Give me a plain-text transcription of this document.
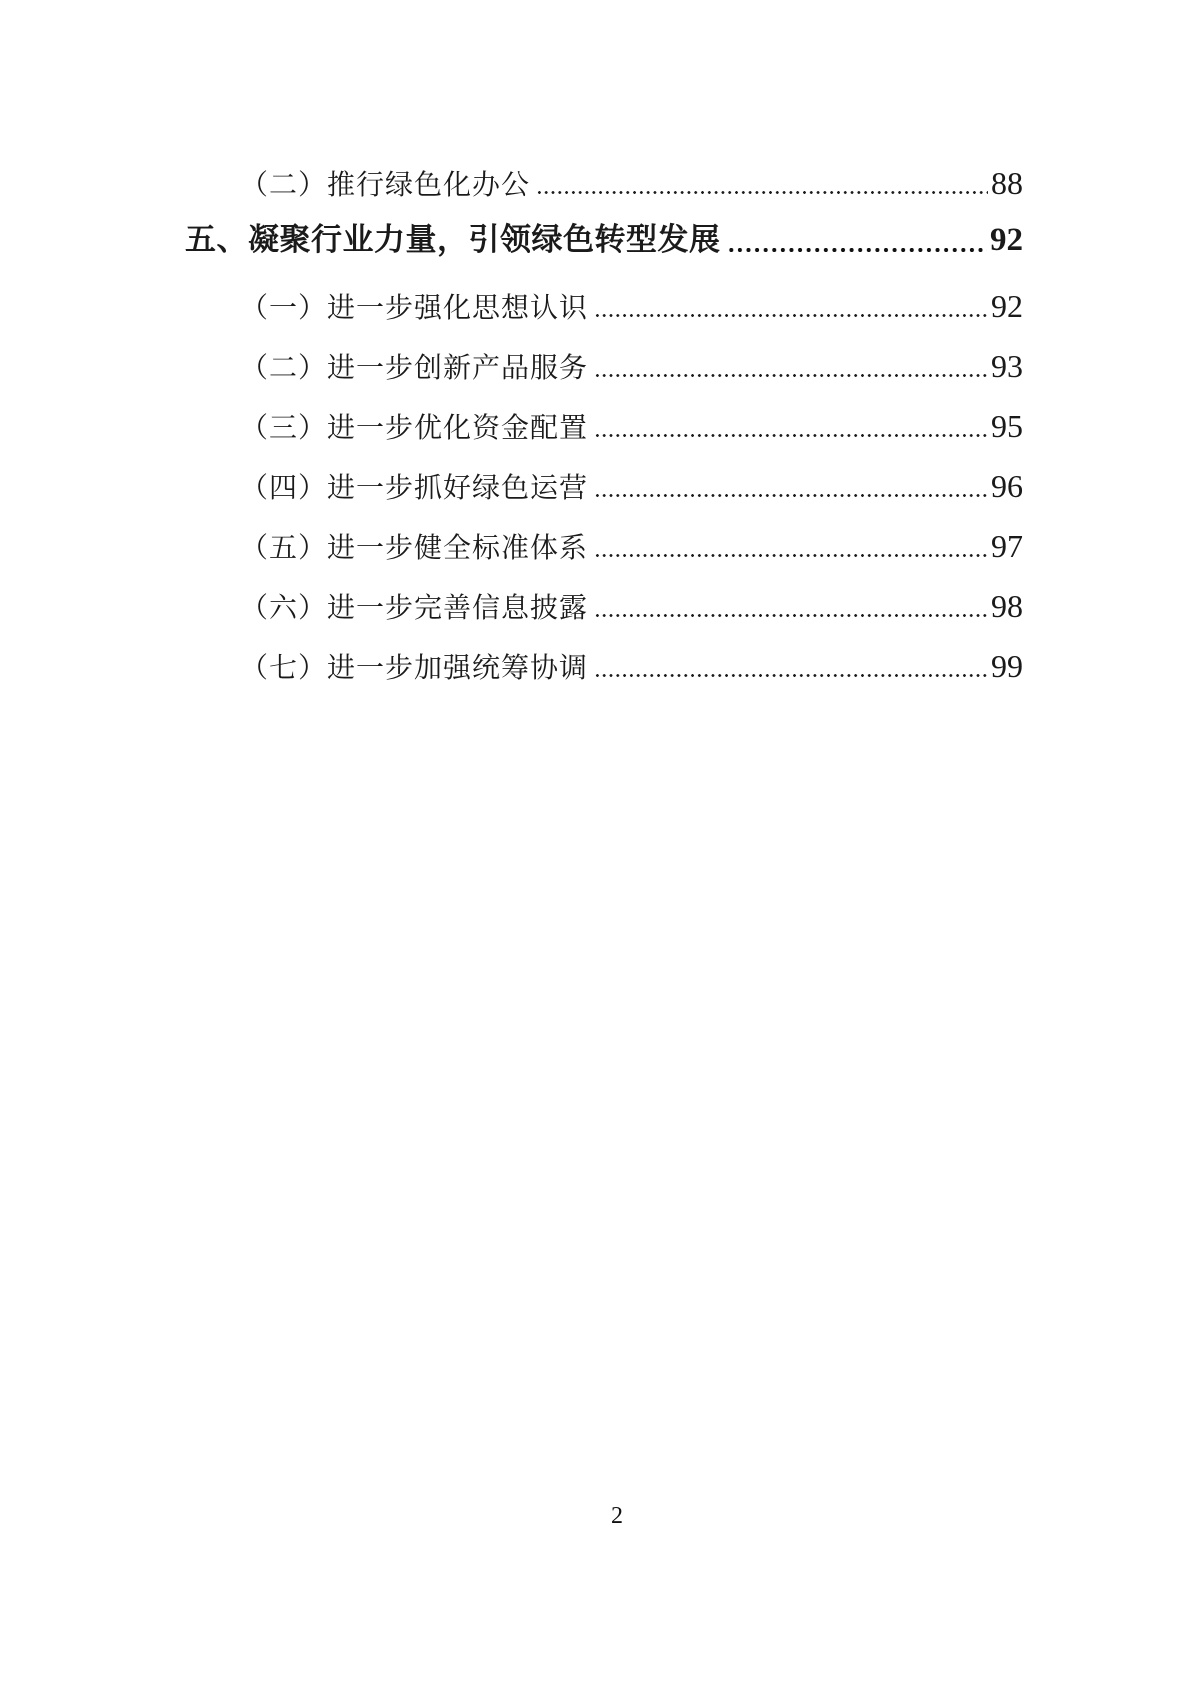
（二）推行绿色化办公	88
五、凝聚行业力量，引领绿色转型发展	92
（一）进一步强化思想认识	92
（二）进一步创新产品服务	93
（三）进一步优化资金配置	95
（四）进一步抓好绿色运营	96
（五）进一步健全标准体系	97
（六）进一步完善信息披露	98
（七）进一步加强统筹协调	99
2
